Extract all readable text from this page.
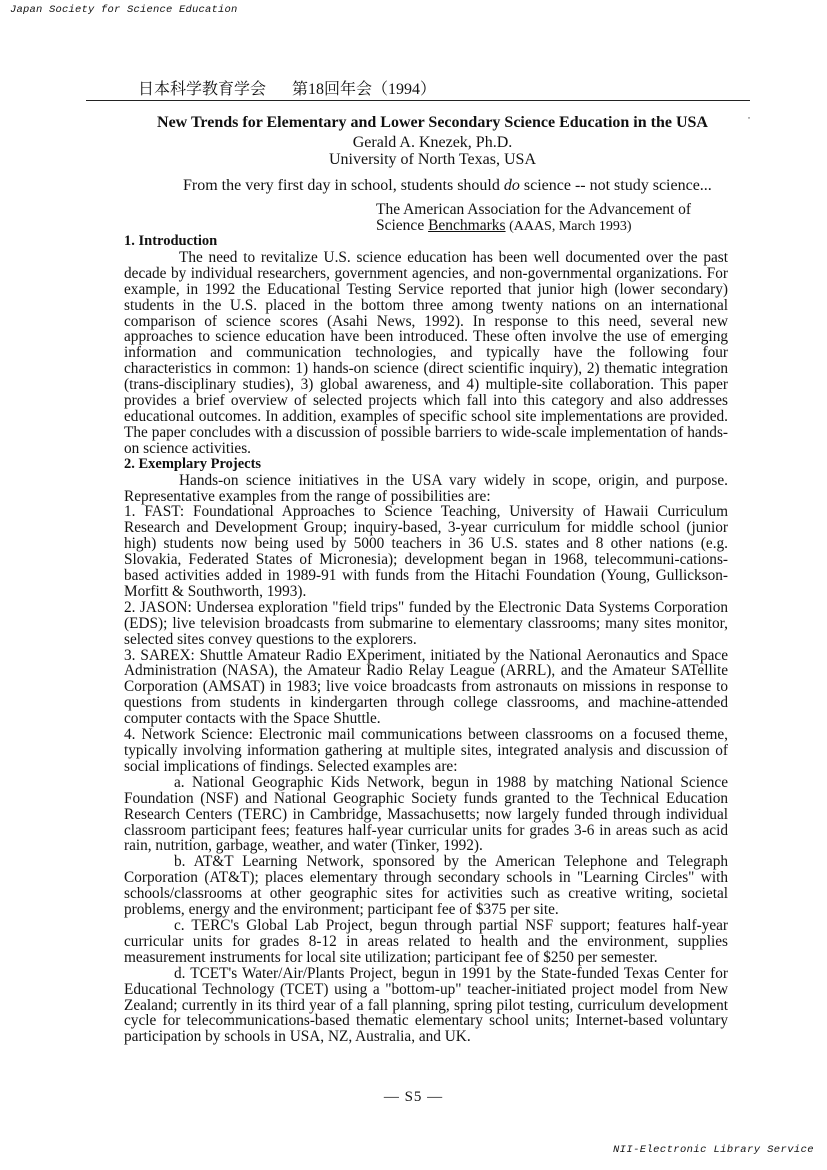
Japan Society for Science Education
日本科学教育学会 第18回年会（1994）
˙
New Trends for Elementary and Lower Secondary Science Education in the USA
Gerald A. Knezek, Ph.D.
University of North Texas, USA
From the very first day in school, students should do science -- not study science...
The American Association for the Advancement of
Science Benchmarks (AAAS, March 1993)

1. Introduction

The need to revitalize U.S. science education has been well documented over the past decade by individual researchers, government agencies, and non-governmental organizations. For example, in 1992 the Educational Testing Service reported that junior high (lower secondary) students in the U.S. placed in the bottom three among twenty nations on an international comparison of science scores (Asahi News, 1992). In response to this need, several new approaches to science education have been introduced. These often involve the use of emerging information and communication technologies, and typically have the following four characteristics in common: 1) hands-on science (direct scientific inquiry), 2) thematic integration (trans-disciplinary studies), 3) global awareness, and 4) multiple-site collaboration. This paper provides a brief overview of selected projects which fall into this category and also addresses educational outcomes. In addition, examples of specific school site implementations are provided. The paper concludes with a discussion of possible barriers to wide-scale implementation of hands-on science activities.

2. Exemplary Projects

Hands-on science initiatives in the USA vary widely in scope, origin, and purpose. Representative examples from the range of possibilities are:

1. FAST: Foundational Approaches to Science Teaching, University of Hawaii Curriculum Research and Development Group; inquiry-based, 3-year curriculum for middle school (junior high) students now being used by 5000 teachers in 36 U.S. states and 8 other nations (e.g. Slovakia, Federated States of Micronesia); development began in 1968, telecommuni-cations-based activities added in 1989-91 with funds from the Hitachi Foundation (Young, Gullickson-Morfitt & Southworth, 1993).

2. JASON: Undersea exploration "field trips" funded by the Electronic Data Systems Corporation (EDS); live television broadcasts from submarine to elementary classrooms; many sites monitor, selected sites convey questions to the explorers.

3. SAREX: Shuttle Amateur Radio EXperiment, initiated by the National Aeronautics and Space Administration (NASA), the Amateur Radio Relay League (ARRL), and the Amateur SATellite Corporation (AMSAT) in 1983; live voice broadcasts from astronauts on missions in response to questions from students in kindergarten through college classrooms, and machine-attended computer contacts with the Space Shuttle.

4. Network Science: Electronic mail communications between classrooms on a focused theme, typically involving information gathering at multiple sites, integrated analysis and discussion of social implications of findings. Selected examples are:

a. National Geographic Kids Network, begun in 1988 by matching National Science Foundation (NSF) and National Geographic Society funds granted to the Technical Education Research Centers (TERC) in Cambridge, Massachusetts; now largely funded through individual classroom participant fees; features half-year curricular units for grades 3-6 in areas such as acid rain, nutrition, garbage, weather, and water (Tinker, 1992).

b. AT&T Learning Network, sponsored by the American Telephone and Telegraph Corporation (AT&T); places elementary through secondary schools in "Learning Circles" with schools/classrooms at other geographic sites for activities such as creative writing, societal problems, energy and the environment; participant fee of $375 per site.

c. TERC's Global Lab Project, begun through partial NSF support; features half-year curricular units for grades 8-12 in areas related to health and the environment, supplies measurement instruments for local site utilization; participant fee of $250 per semester.

d. TCET's Water/Air/Plants Project, begun in 1991 by the State-funded Texas Center for Educational Technology (TCET) using a "bottom-up" teacher-initiated project model from New Zealand; currently in its third year of a fall planning, spring pilot testing, curriculum development cycle for telecommunications-based thematic elementary school units; Internet-based voluntary participation by schools in USA, NZ, Australia, and UK.

— S5 —
NII-Electronic Library Service
